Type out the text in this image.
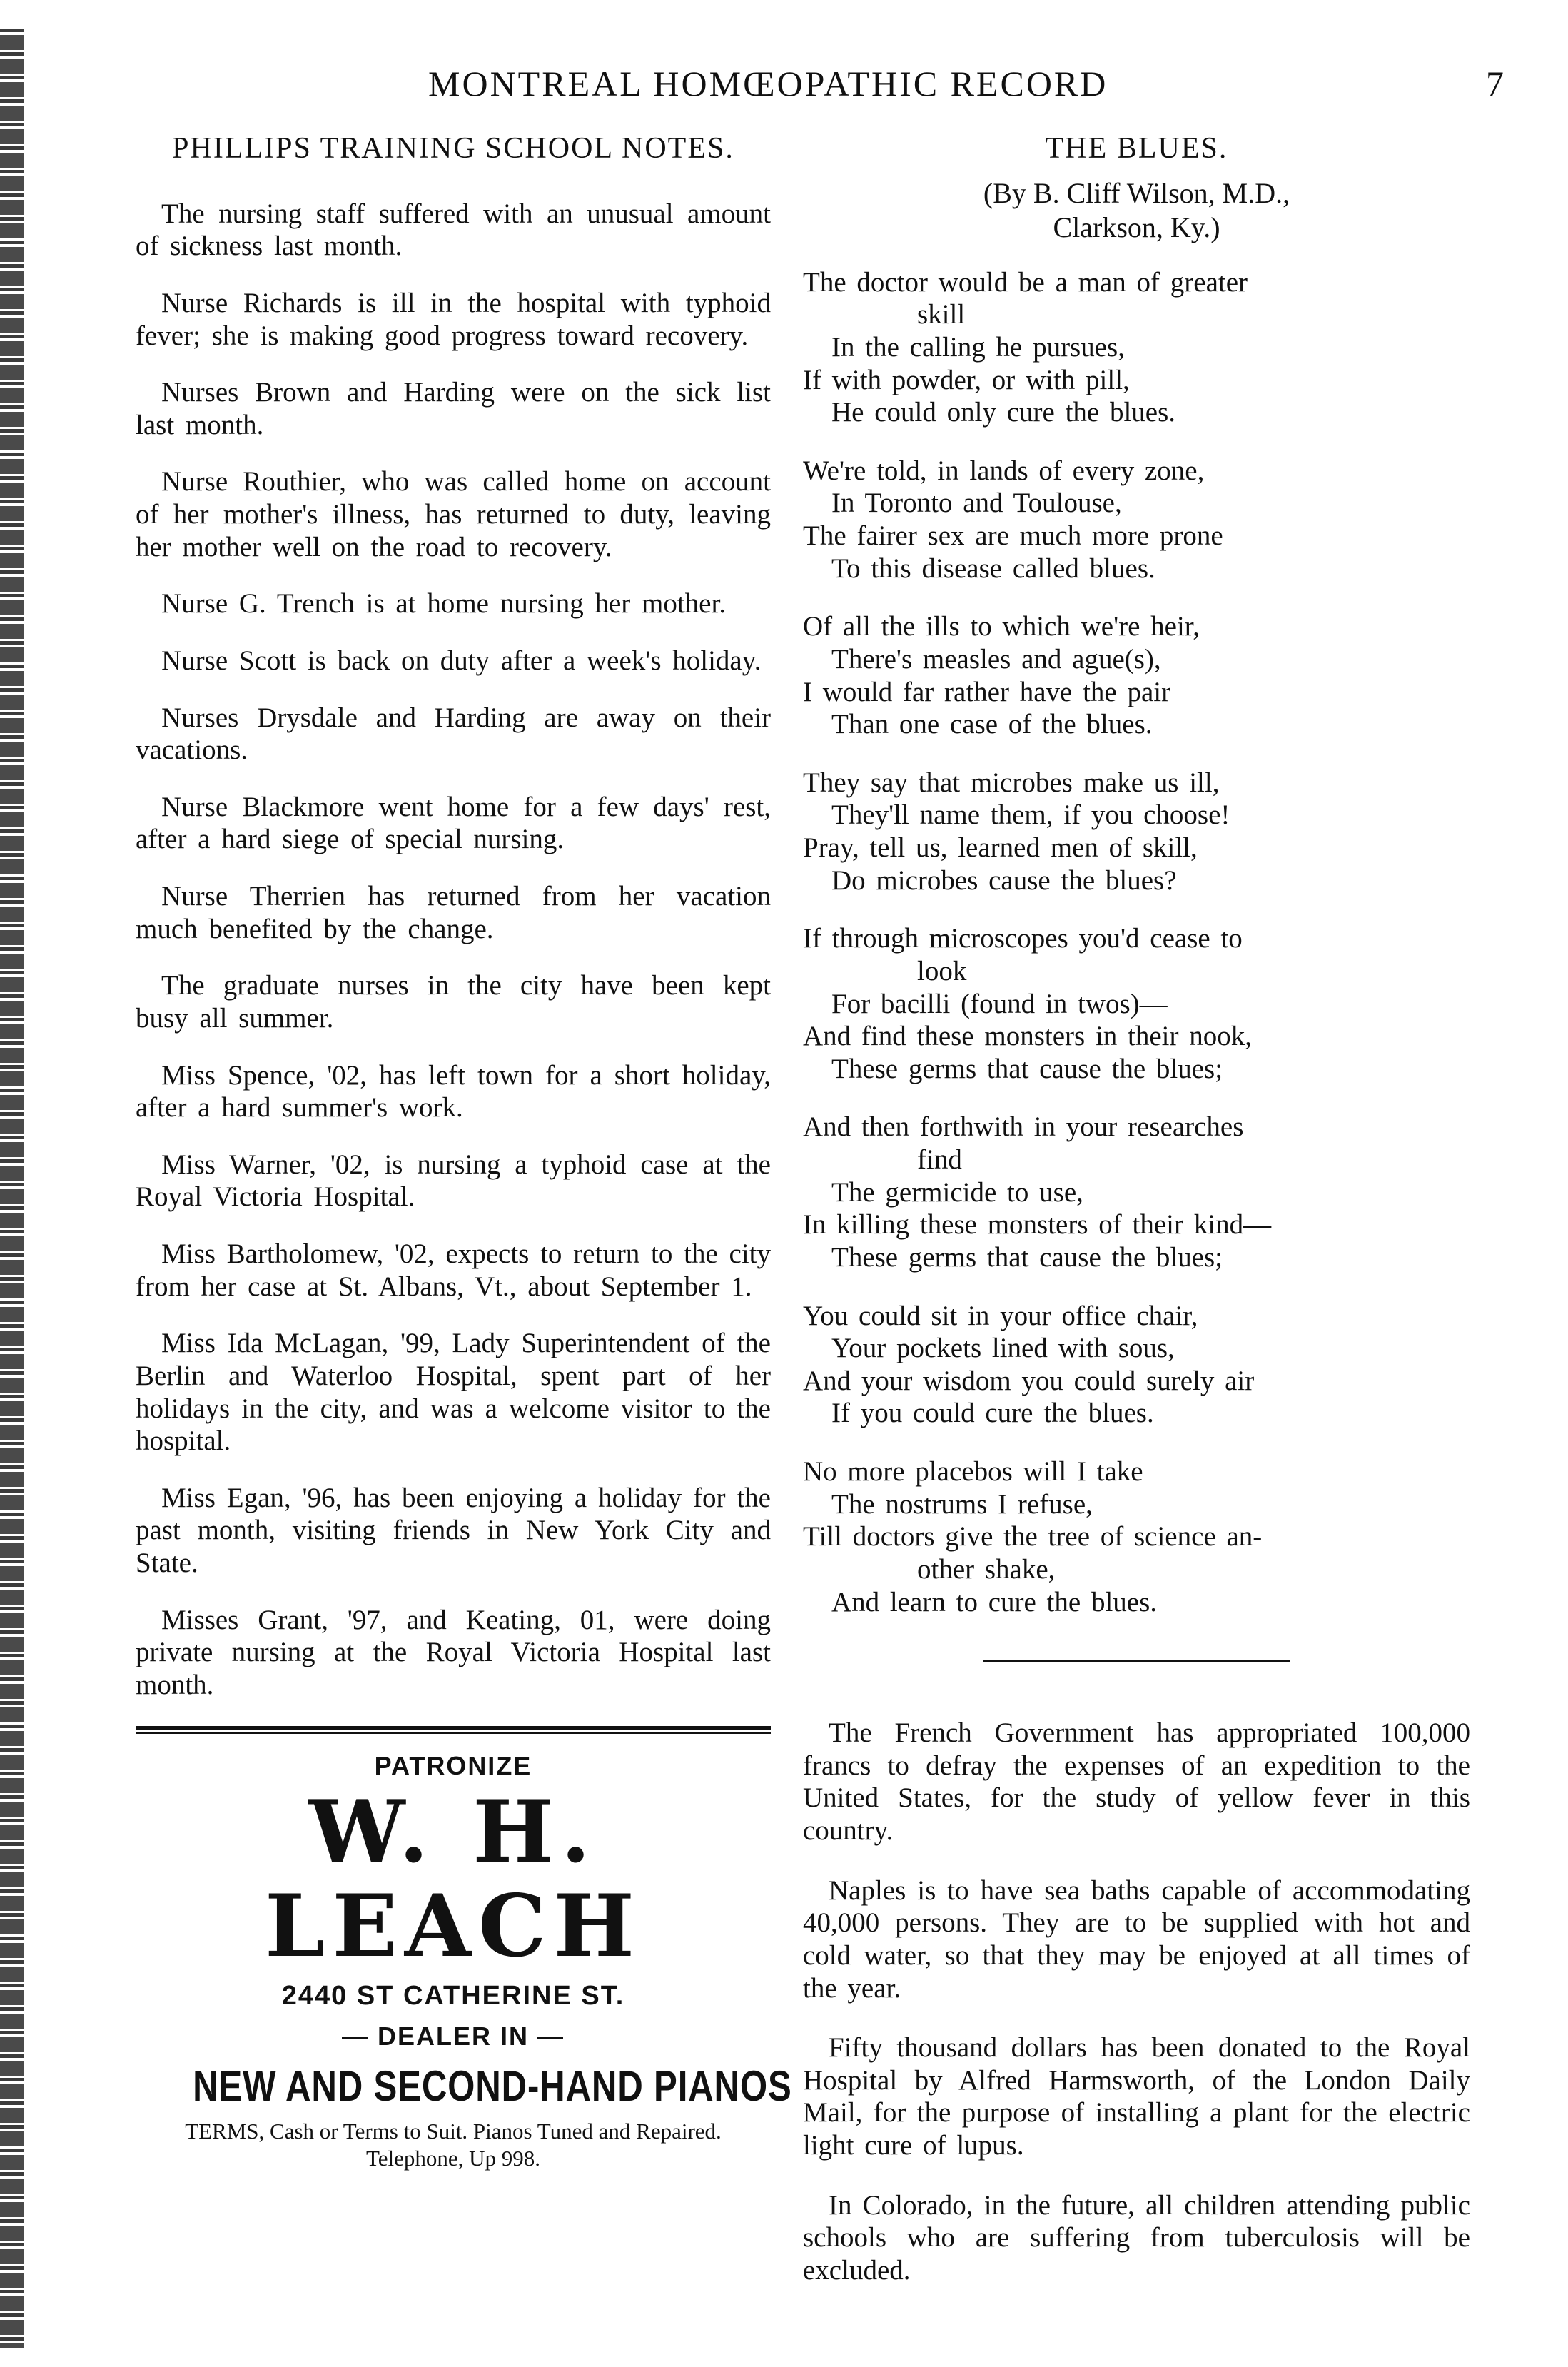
MONTREAL HOMŒOPATHIC RECORD	7
PHILLIPS TRAINING SCHOOL NOTES.
The nursing staff suffered with an unusual amount of sickness last month.
Nurse Richards is ill in the hospital with typhoid fever; she is making good progress toward recovery.
Nurses Brown and Harding were on the sick list last month.
Nurse Routhier, who was called home on account of her mother's illness, has returned to duty, leaving her mother well on the road to recovery.
Nurse G. Trench is at home nursing her mother.
Nurse Scott is back on duty after a week's holiday.
Nurses Drysdale and Harding are away on their vacations.
Nurse Blackmore went home for a few days' rest, after a hard siege of special nursing.
Nurse Therrien has returned from her vacation much benefited by the change.
The graduate nurses in the city have been kept busy all summer.
Miss Spence, '02, has left town for a short holiday, after a hard summer's work.
Miss Warner, '02, is nursing a typhoid case at the Royal Victoria Hospital.
Miss Bartholomew, '02, expects to return to the city from her case at St. Albans, Vt., about September 1.
Miss Ida McLagan, '99, Lady Superintendent of the Berlin and Waterloo Hospital, spent part of her holidays in the city, and was a welcome visitor to the hospital.
Miss Egan, '96, has been enjoying a holiday for the past month, visiting friends in New York City and State.
Misses Grant, '97, and Keating, 01, were doing private nursing at the Royal Victoria Hospital last month.
PATRONIZE
W. H. LEACH
2440 ST CATHERINE ST.
— DEALER IN —
NEW AND SECOND-HAND PIANOS
TERMS, Cash or Terms to Suit. Pianos Tuned and Repaired. Telephone, Up 998.
THE BLUES.
(By B. Cliff Wilson, M.D.,
Clarkson, Ky.)
The doctor would be a man of greater
skill
In the calling he pursues,
If with powder, or with pill,
He could only cure the blues.
We're told, in lands of every zone,
In Toronto and Toulouse,
The fairer sex are much more prone
To this disease called blues.
Of all the ills to which we're heir,
There's measles and ague(s),
I would far rather have the pair
Than one case of the blues.
They say that microbes make us ill,
They'll name them, if you choose!
Pray, tell us, learned men of skill,
Do microbes cause the blues?
If through microscopes you'd cease to
look
For bacilli (found in twos)—
And find these monsters in their nook,
These germs that cause the blues;
And then forthwith in your researches
find
The germicide to use,
In killing these monsters of their kind—
These germs that cause the blues;
You could sit in your office chair,
Your pockets lined with sous,
And your wisdom you could surely air
If you could cure the blues.
No more placebos will I take
The nostrums I refuse,
Till doctors give the tree of science an-
other shake,
And learn to cure the blues.
The French Government has appropriated 100,000 francs to defray the expenses of an expedition to the United States, for the study of yellow fever in this country.
Naples is to have sea baths capable of accommodating 40,000 persons. They are to be supplied with hot and cold water, so that they may be enjoyed at all times of the year.
Fifty thousand dollars has been donated to the Royal Hospital by Alfred Harmsworth, of the London Daily Mail, for the purpose of installing a plant for the electric light cure of lupus.
In Colorado, in the future, all children attending public schools who are suffering from tuberculosis will be excluded.
